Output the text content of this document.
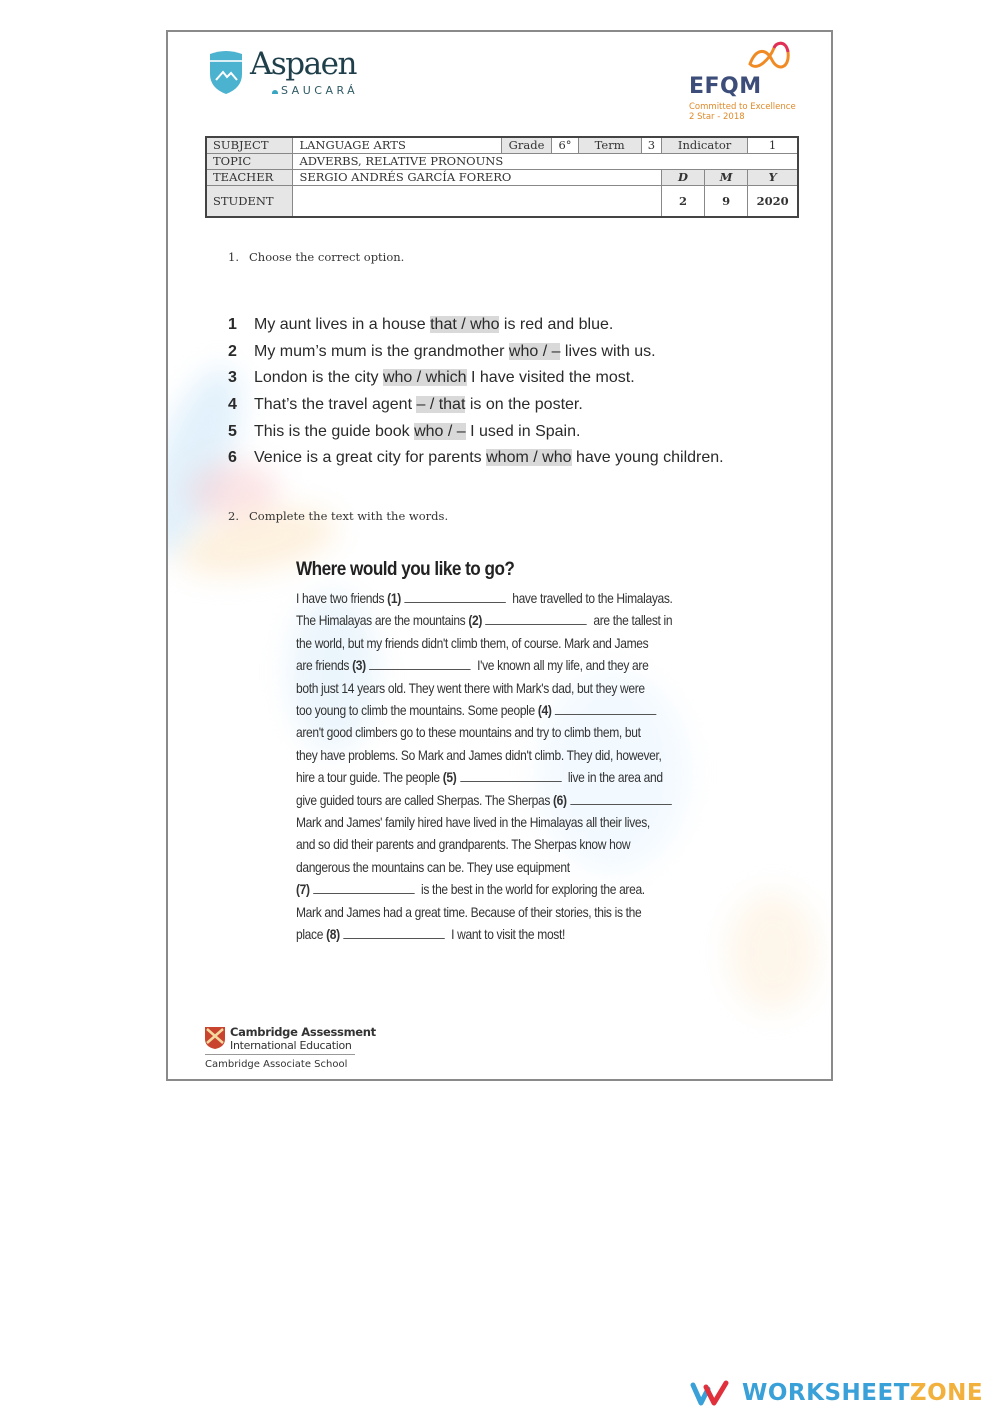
Aspaen
SAUCARÁ	EFQM
Committed to Excellence
2 Star - 2018
SUBJECT	LANGUAGE ARTS	Grade	6°	Term	3	Indicator		1
TOPIC	ADVERBS, RELATIVE PRONOUNS							
TEACHER	SERGIO ANDRÉS GARCÍA FORERO					D	M	Y
STUDENT						2	9	2020
1. Choose the correct option.
1 My aunt lives in a house that / who is red and blue.
2 My mum’s mum is the grandmother who / – lives with us.
3 London is the city who / which I have visited the most.
4 That’s the travel agent – / that is on the poster.
5 This is the guide book who / – I used in Spain.
6 Venice is a great city for parents whom / who have young children.
2. Complete the text with the words.
Where would you like to go?
I have two friends (1)	have travelled to the Himalayas.
The Himalayas are the mountains (2)	are the tallest in
the world, but my friends didn't climb them, of course. Mark and James
are friends (3)	I've known all my life, and they are
both just 14 years old. They went there with Mark's dad, but they were
too young to climb the mountains. Some people (4)
aren't good climbers go to these mountains and try to climb them, but
they have problems. So Mark and James didn't climb. They did, however,
hire a tour guide. The people (5)	live in the area and
give guided tours are called Sherpas. The Sherpas (6)
Mark and James' family hired have lived in the Himalayas all their lives,
and so did their parents and grandparents. The Sherpas know how
dangerous the mountains can be. They use equipment
(7)	is the best in the world for exploring the area.
Mark and James had a great time. Because of their stories, this is the
place (8)	I want to visit the most!
Cambridge Assessment
International Education
Cambridge Associate School
WORKSHEETZONE
